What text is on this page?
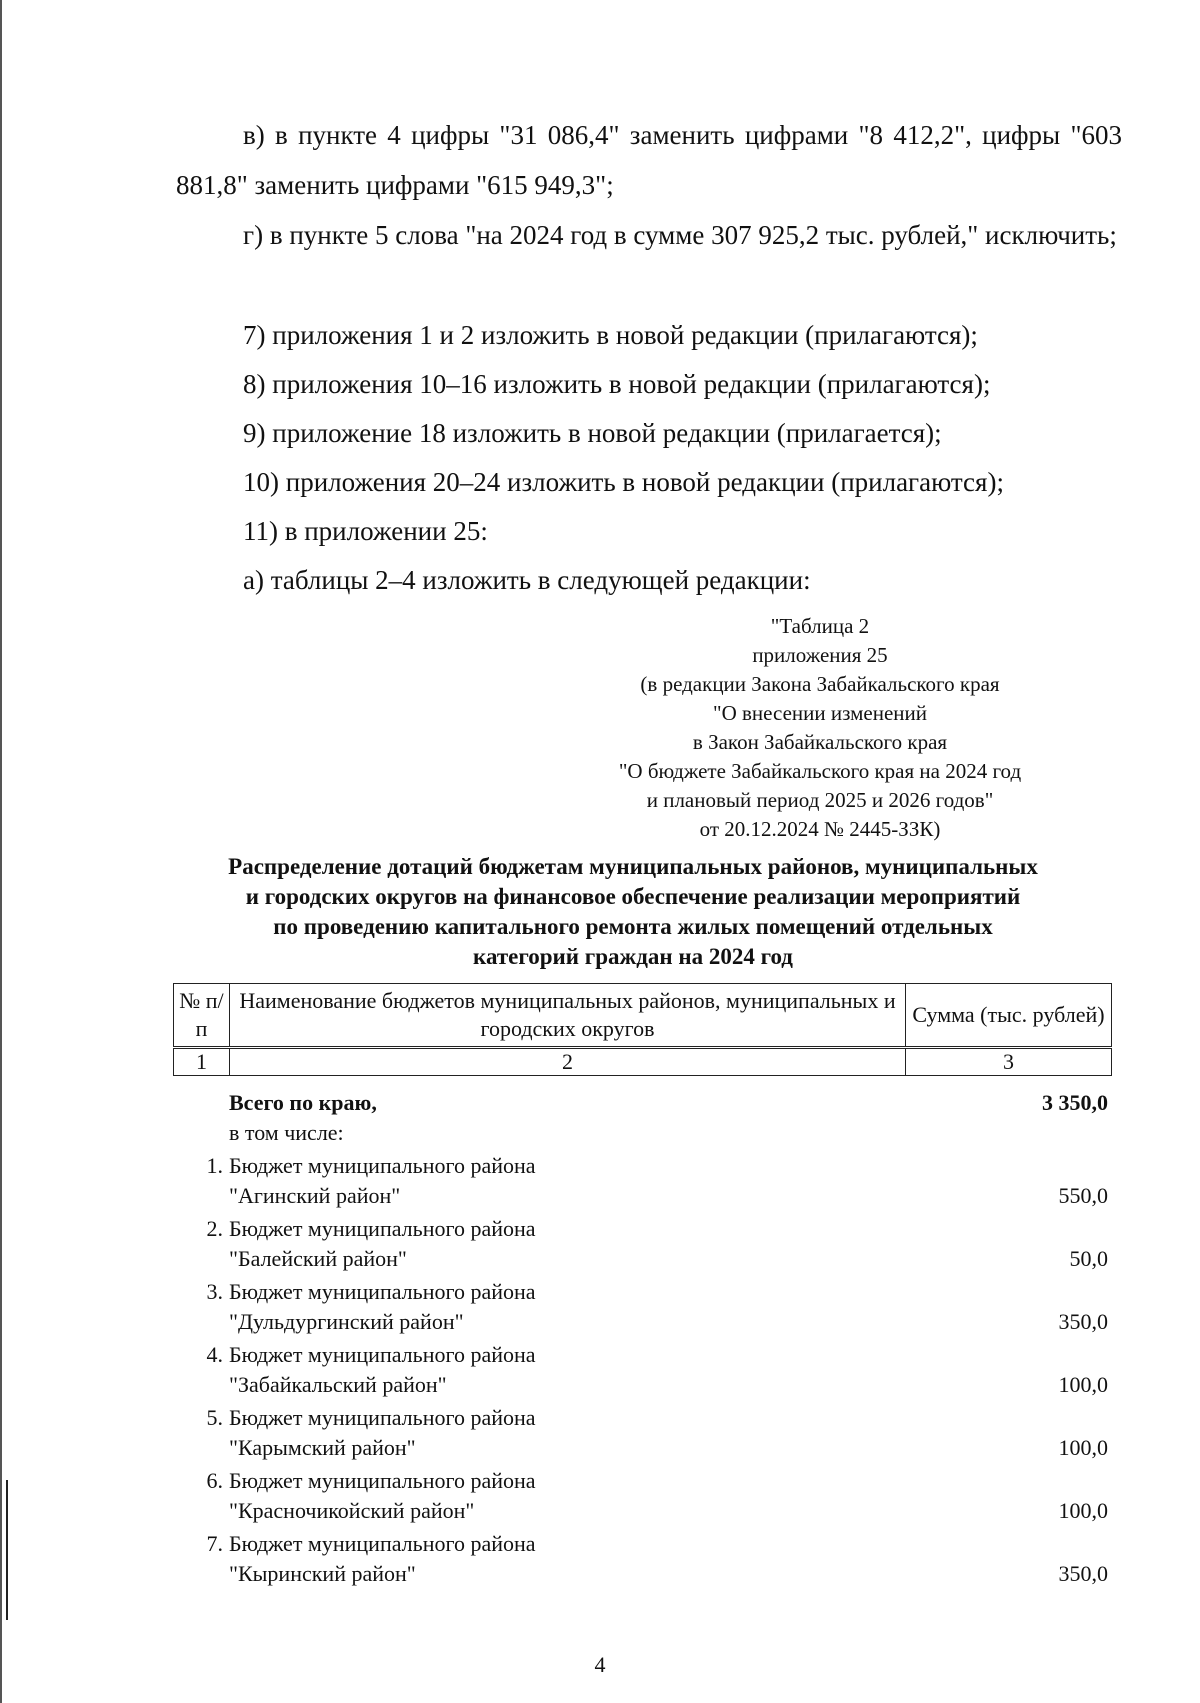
в) в пункте 4 цифры "31 086,4" заменить цифрами "8 412,2", цифры "603 881,8" заменить цифрами "615 949,3";

г) в пункте 5 слова "на 2024 год в сумме 307 925,2 тыс. рублей," исключить;

7) приложения 1 и 2 изложить в новой редакции (прилагаются);

8) приложения 10–16 изложить в новой редакции (прилагаются);

9) приложение 18 изложить в новой редакции (прилагается);

10) приложения 20–24 изложить в новой редакции (прилагаются);

11) в приложении 25:

а) таблицы 2–4 изложить в следующей редакции:

"Таблица 2
приложения 25
(в редакции Закона Забайкальского края
"О внесении изменений
в Закон Забайкальского края
"О бюджете Забайкальского края на 2024 год
и плановый период 2025 и 2026 годов"
от 20.12.2024 № 2445-ЗЗК)
Распределение дотаций бюджетам муниципальных районов, муниципальных
и городских округов на финансовое обеспечение реализации мероприятий
по проведению капитального ремонта жилых помещений отдельных
категорий граждан на 2024 год
№ п/п	Наименование бюджетов муниципальных районов, муниципальных и городских округов	Сумма (тыс. рублей)
1	2	3
Всего по краю,	3 350,0
в том числе:
1. Бюджет муниципального района
"Агинский район"	550,0
2. Бюджет муниципального района
"Балейский район"	50,0
3. Бюджет муниципального района
"Дульдургинский район"	350,0
4. Бюджет муниципального района
"Забайкальский район"	100,0
5. Бюджет муниципального района
"Карымский район"	100,0
6. Бюджет муниципального района
"Красночикойский район"	100,0
7. Бюджет муниципального района
"Кыринский район"	350,0
4
